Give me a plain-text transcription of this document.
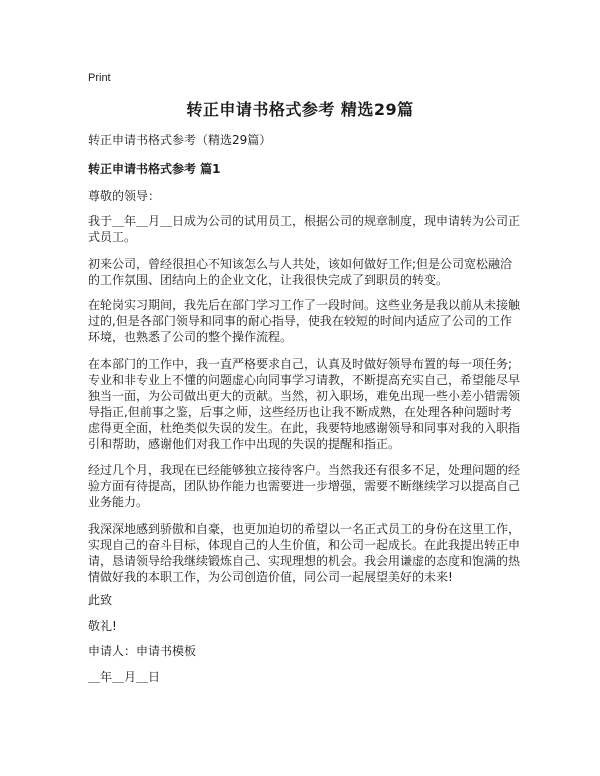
Print
转正申请书格式参考 精选29篇
转正申请书格式参考（精选29篇）
转正申请书格式参考 篇1
尊敬的领导：
我于＿年＿月＿日成为公司的试用员工，根据公司的规章制度，现申请转为公司正
式员工。
初来公司，曾经很担心不知该怎么与人共处，该如何做好工作;但是公司宽松融洽
的工作氛围、团结向上的企业文化，让我很快完成了到职员的转变。
在轮岗实习期间，我先后在部门学习工作了一段时间。这些业务是我以前从未接触
过的,但是各部门领导和同事的耐心指导，使我在较短的时间内适应了公司的工作
环境，也熟悉了公司的整个操作流程。
在本部门的工作中，我一直严格要求自己，认真及时做好领导布置的每一项任务;
专业和非专业上不懂的问题虚心向同事学习请教，不断提高充实自己，希望能尽早
独当一面，为公司做出更大的贡献。当然，初入职场，难免出现一些小差小错需领
导指正,但前事之鉴，后事之师，这些经历也让我不断成熟，在处理各种问题时考
虑得更全面，杜绝类似失误的发生。在此，我要特地感谢领导和同事对我的入职指
引和帮助，感谢他们对我工作中出现的失误的提醒和指正。
经过几个月，我现在已经能够独立接待客户。当然我还有很多不足，处理问题的经
验方面有待提高，团队协作能力也需要进一步增强，需要不断继续学习以提高自己
业务能力。
我深深地感到骄傲和自豪，也更加迫切的希望以一名正式员工的身份在这里工作，
实现自己的奋斗目标，体现自己的人生价值，和公司一起成长。在此我提出转正申
请，恳请领导给我继续锻炼自己、实现理想的机会。我会用谦虚的态度和饱满的热
情做好我的本职工作，为公司创造价值，同公司一起展望美好的未来!
此致
敬礼!
申请人：申请书模板
＿年＿月＿日
